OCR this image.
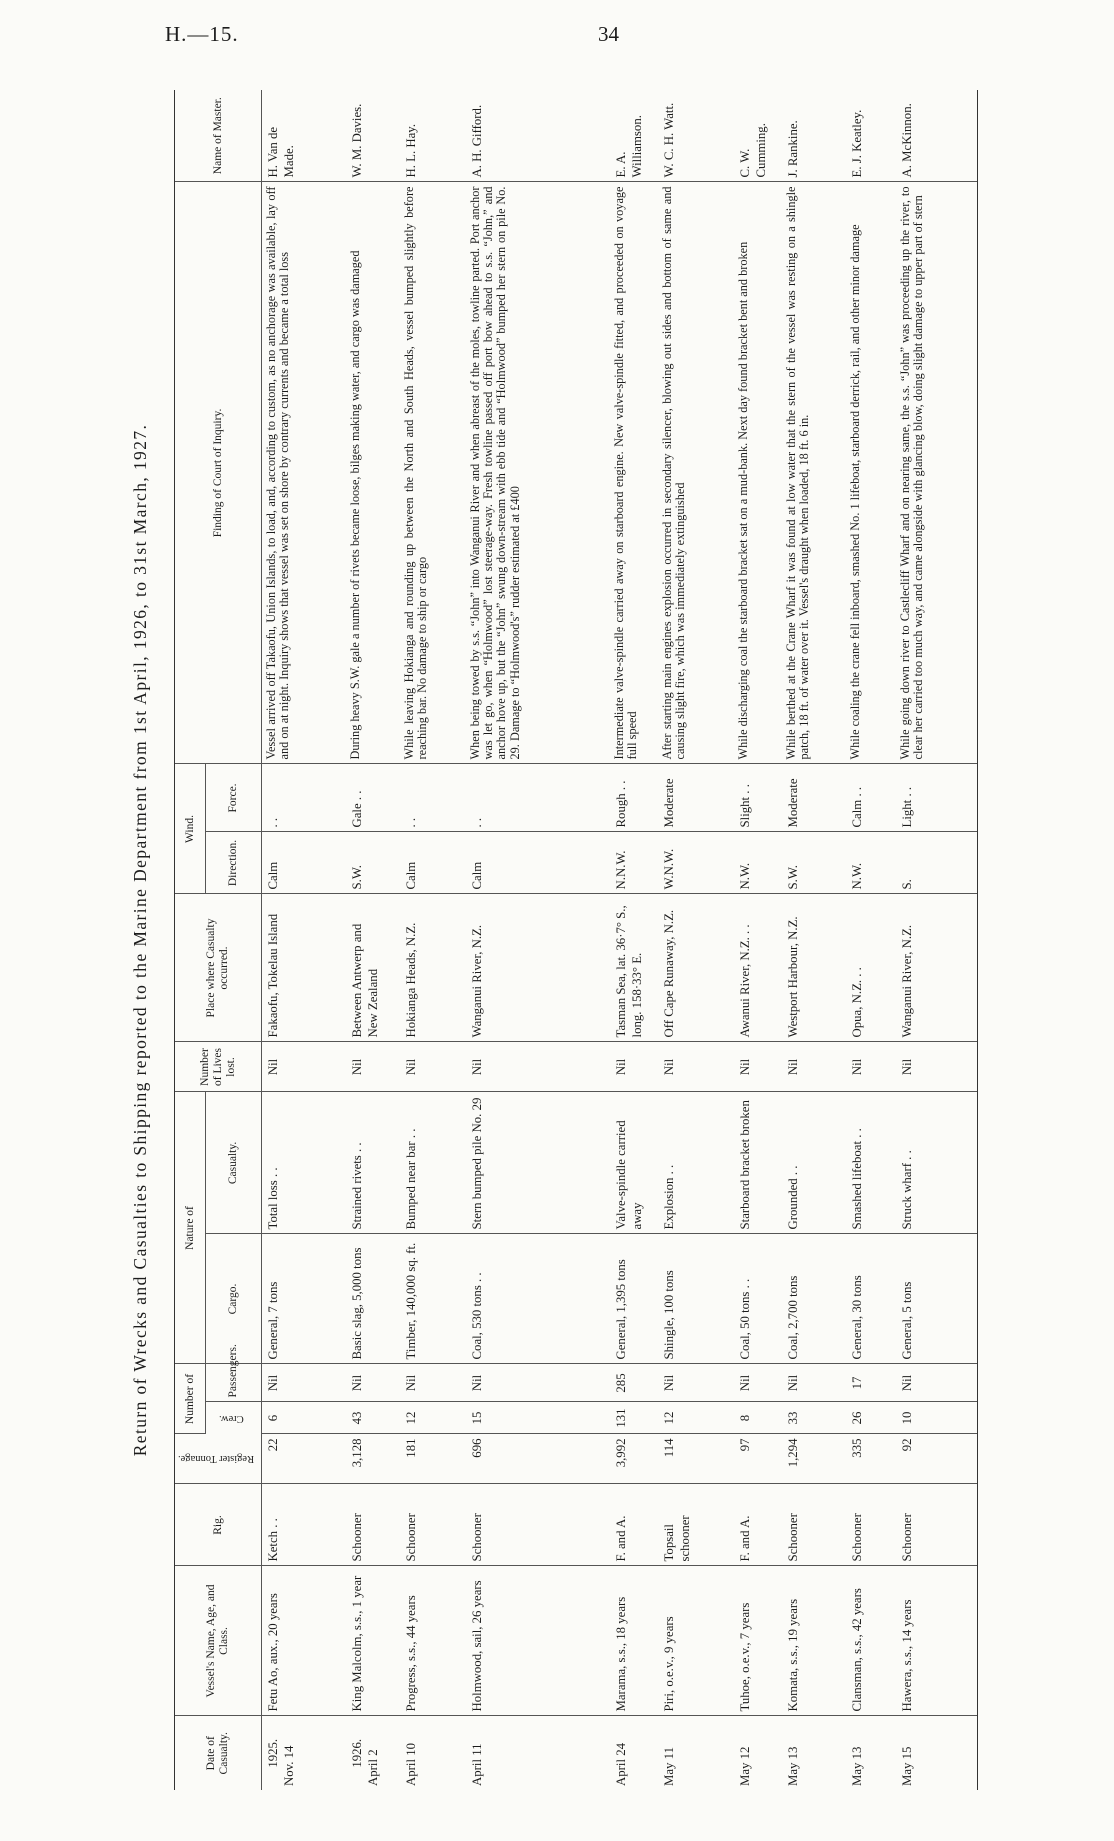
H.—15.	34
Return of Wrecks and Casualties to Shipping reported to the Marine Department from 1st April, 1926, to 31st March, 1927.
Date of Casualty.	Vessel's Name, Age, and Class.	Rig.	Register Tonnage.	Number of		Nature of		Number of Lives lost.	Place where Casualty occurred.	Wind.		Finding of Court of Inquiry.	Name of Master.
				Crew.	Passengers.	Cargo.	Casualty.			Direction.	Force.		

1925. Nov. 14	Fetu Ao, aux., 20 years	Ketch . .	22	6	Nil	General, 7 tons	Total loss . .	Nil	Fakaofu, Tokelau Island	Calm	. .	Vessel arrived off Takaofu, Union Islands, to load, and, according to custom, as no anchorage was available, lay off and on at night. Inquiry shows that vessel was set on shore by contrary currents and became a total loss	H. Van de Made.

1926. April 2	King Malcolm, s.s., 1 year	Schooner	3,128	43	Nil	Basic slag, 5,000 tons	Strained rivets . .	Nil	Between Antwerp and New Zealand	S.W.	Gale . .	During heavy S.W. gale a number of rivets became loose, bilges making water, and cargo was damaged	W. M. Davies.
April 10	Progress, s.s., 44 years	Schooner	181	12	Nil	Timber, 140,000 sq. ft.	Bumped near bar . .	Nil	Hokianga Heads, N.Z.	Calm	. .	While leaving Hokianga and rounding up between the North and South Heads, vessel bumped slightly before reaching bar. No damage to ship or cargo	H. L. Hay.
April 11	Holmwood, sail, 26 years	Schooner	696	15	Nil	Coal, 530 tons . .	Stern bumped pile No. 29	Nil	Wanganui River, N.Z.	Calm	. .	When being towed by s.s. “John” into Wanganui River and when abreast of the moles, towline parted. Port anchor was let go, when “Holmwood” lost steerage-way. Fresh towline passed off port bow ahead to s.s. “John,” and anchor hove up, but the “John” swung down-stream with ebb tide and “Holmwood” bumped her stern on pile No. 29. Damage to “Holmwood's” rudder estimated at £400	A. H. Gifford.
April 24	Marama, s.s., 18 years	F. and A.	3,992	131	285	General, 1,395 tons	Valve-spindle carried away	Nil	Tasman Sea, lat. 36·7° S., long. 158·33° E.	N.N.W.	Rough . .	Intermediate valve-spindle carried away on starboard engine. New valve-spindle fitted, and proceeded on voyage full speed	E. A. Williamson.
May 11	Piri, o.e.v., 9 years	Topsail schooner	114	12	Nil	Shingle, 100 tons	Explosion . .	Nil	Off Cape Runaway, N.Z.	W.N.W.	Moderate	After starting main engines explosion occurred in secondary silencer, blowing out sides and bottom of same and causing slight fire, which was immediately extinguished	W. C. H. Watt.
May 12	Tuhoe, o.e.v., 7 years	F. and A.	97	8	Nil	Coal, 50 tons . .	Starboard bracket broken	Nil	Awanui River, N.Z. . .	N.W.	Slight . .	While discharging coal the starboard bracket sat on a mud-bank. Next day found bracket bent and broken	C. W. Cumming.
May 13	Komata, s.s., 19 years	Schooner	1,294	33	Nil	Coal, 2,700 tons	Grounded . .	Nil	Westport Harbour, N.Z.	S.W.	Moderate	While berthed at the Crane Wharf it was found at low water that the stern of the vessel was resting on a shingle patch, 18 ft. of water over it. Vessel's draught when loaded, 18 ft. 6 in.	J. Rankine.
May 13	Clansman, s.s., 42 years	Schooner	335	26	17	General, 30 tons	Smashed lifeboat . .	Nil	Opua, N.Z. . .	N.W.	Calm . .	While coaling the crane fell inboard, smashed No. 1 lifeboat, starboard derrick, rail, and other minor damage	E. J. Keatley.
May 15	Hawera, s.s., 14 years	Schooner	92	10	Nil	General, 5 tons	Struck wharf . .	Nil	Wanganui River, N.Z.	S.	Light . .	While going down river to Castlecliff Wharf and on nearing same, the s.s. “John” was proceeding up the river, to clear her carried too much way, and came alongside with glancing blow, doing slight damage to upper part of stern	A. McKinnon.
